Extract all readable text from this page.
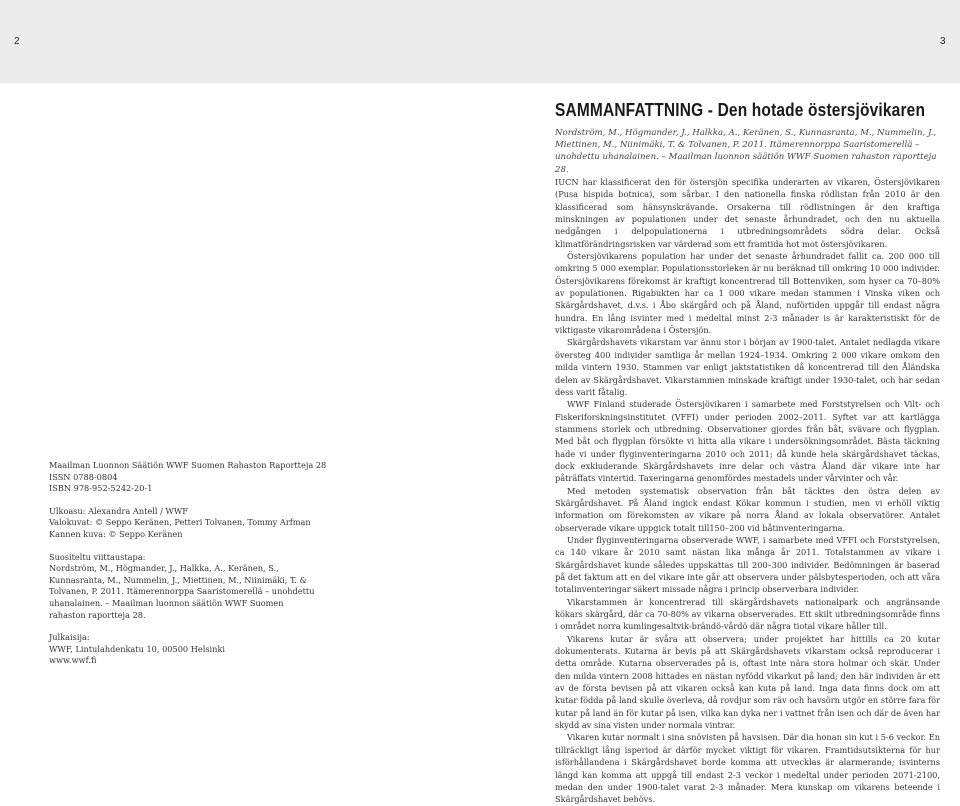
2	3
SAMMANFATTNING - Den hotade östersjövikaren

Nordström, M., Högmander, J., Halkka, A., Keränen, S., Kunnasranta, M., Nummelin, J., Miettinen, M., Niinimäki, T. & Tolvanen, P. 2011. Itämerennorppa Saaristomerellä – unohdettu uhanalainen. – Maailman luonnon säätiön WWF Suomen rahaston raportteja 28.

IUCN har klassificerat den för östersjön specifika underarten av vikaren, Östersjövikaren (Pusa hispida botnica), som sårbar. I den nationella finska rödlistan från 2010 är den klassificerad som hänsynskrävande. Orsakerna till rödlistningen är den kraftiga minskningen av populationen under det senaste århundradet, och den nu aktuella nedgången i delpopulationerna i utbredningsområdets södra delar. Också klimatförändringsrisken var värderad som ett framtida hot mot östersjövikaren.

Östersjövikarens population har under det senaste århundradet fallit ca. 200 000 till omkring 5 000 exemplar. Populationsstorleken är nu beräknad till omkring 10 000 individer. Östersjövikarens förekomst är kraftigt koncentrerad till Bottenviken, som hyser ca 70–80% av populationen. Rigabukten har ca 1 000 vikare medan stammen i Vinska viken och Skärgårdshavet, d.v.s. i Åbo skärgård och på Åland, nuförtiden uppgår till endast några hundra. En lång isvinter med i medeltal minst 2-3 månader is är karakteristiskt för de viktigaste vikarområdena i Östersjön.

Skärgårdshavets vikarstam var ännu stor i början av 1900-talet. Antalet nedlagda vikare översteg 400 individer samtliga år mellan 1924–1934. Omkring 2 000 vikare omkom den milda vintern 1930. Stammen var enligt jaktstatistiken då koncentrerad till den Åländska delen av Skärgårdshavet. Vikarstammen minskade kraftigt under 1930-talet, och har sedan dess varit fåtalig.

WWF Finland studerade Östersjövikaren i samarbete med Forststyrelsen och Vilt- och Fiskeriforskningsinstitutet (VFFI) under perioden 2002–2011. Syftet var att kartlägga stammens storlek och utbredning. Observationer gjordes från båt, svävare och flygplan. Med båt och flygplan försökte vi hitta alla vikare i undersökningsområdet. Bästa täckning hade vi under flyginventeringarna 2010 och 2011; då kunde hela skärgårdshavet täckas, dock exkluderande Skärgårdshavets inre delar och västra Åland där vikare inte har påträffats vintertid. Taxeringarna genomfördes mestadels under vårvinter och vår.

Med metoden systematisk observation från båt täcktes den östra delen av Skärgårdshavet. På Åland ingick endast Kökar kommun i studien, men vi erhöll viktig information om förekomsten av vikare på norra Åland av lokala observatörer. Antalet observerade vikare uppgick totalt till150–200 vid båtinventeringarna.

Under flyginventeringarna observerade WWF, i samarbete med VFFI och Forststyrelsen, ca 140 vikare år 2010 samt nästan lika många år 2011. Totalstammen av vikare i Skärgårdshavet kunde således uppskattas till 200–300 individer. Bedömningen är baserad på det faktum att en del vikare inte går att observera under pälsbytesperioden, och att våra totalinventeringar säkert missade några i princip observerbara individer.

Vikarstammen är koncentrerad till skärgårdshavets nationalpark och angränsande kökars skärgård, där ca 70-80% av vikarna observerades. Ett skilt utbredningsområde finns i området norra kumlingesaltvik-brändö-vårdö där några tiotal vikare håller till.

Vikarens kutar är svåra att observera; under projektet har hittills ca 20 kutar dokumenterats. Kutarna är bevis på att Skärgårdshavets vikarstam också reproducerar i detta område. Kutarna observerades på is, oftast inte nära stora holmar och skär. Under den milda vintern 2008 hittades en nästan nyfödd vikarkut på land; den här individen är ett av de första bevisen på att vikaren också kan kuta på land. Inga data finns dock om att kutar födda på land skulle överleva, då rovdjur som räv och havsörn utgör en större fara för kutar på land än för kutar på isen, vilka kan dyka ner i vattnet från isen och där de även har skydd av sina visten under normala vintrar.

Vikaren kutar normalt i sina snövisten på havsisen. Där dia honan sin kut i 5-6 veckor. En tillräckligt lång isperiod är därför mycket viktigt för vikaren. Framtidsutsikterna för hur isförhållandena i Skärgårdshavet borde komma att utvecklas är alarmerande; isvinterns längd kan komma att uppgå till endast 2-3 veckor i medeltal under perioden 2071-2100, medan den under 1900-talet varat 2-3 månader. Mera kunskap om vikarens beteende i Skärgårdshavet behövs.

Maailman Luonnon Säätiön WWF Suomen Rahaston Raportteja 28
ISSN 0788-0804
ISBN 978-952-5242-20-1
Ulkoasu: Alexandra Antell / WWF
Valokuvat: © Seppo Keränen, Petteri Tolvanen, Tommy Arfman
Kannen kuva: © Seppo Keränen
Suositeltu viittaustapa:
Nordström, M., Högmander, J., Halkka, A., Keränen, S., Kunnasranta, M., Nummelin, J., Miettinen, M., Niinimäki, T. & Tolvanen, P. 2011. Itämerennorppa Saaristomerellä – unohdettu uhanalainen. – Maailman luonnon säätiön WWF Suomen rahaston raportteja 28.
Julkaisija:
WWF, Lintulahdenkatu 10, 00500 Helsinki
www.wwf.fi
